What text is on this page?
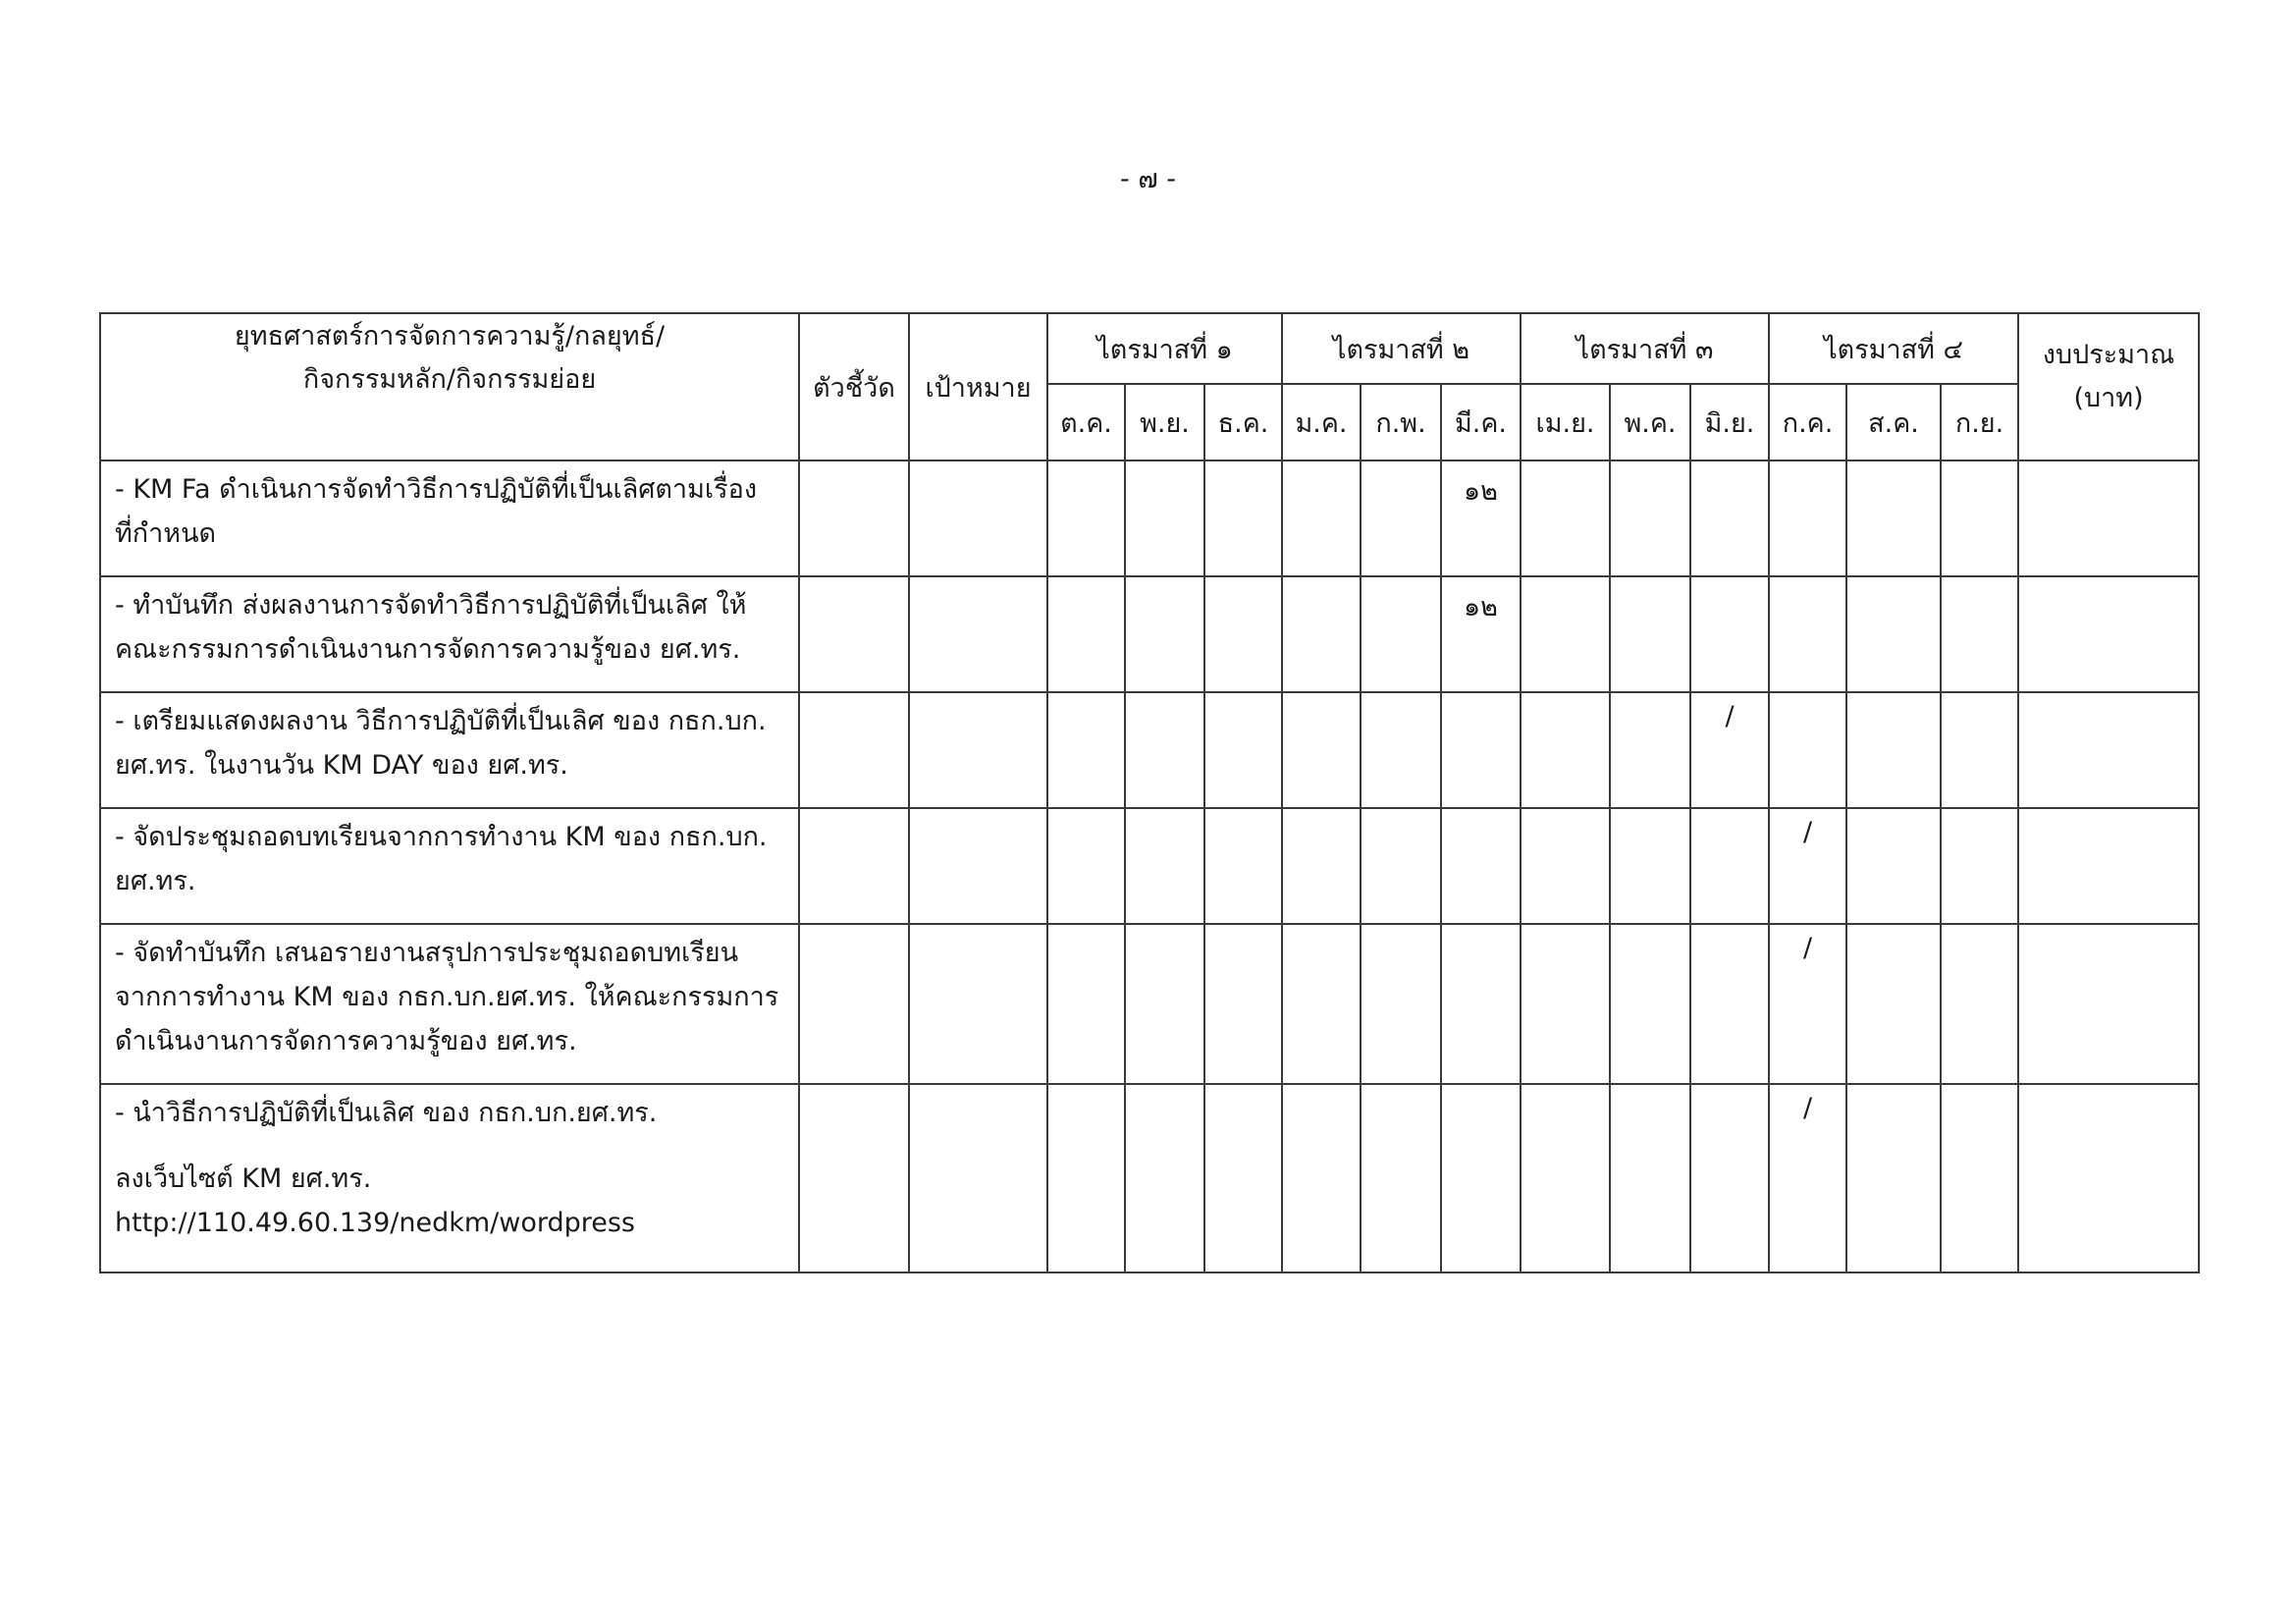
- ๗ -
ยุทธศาสตร์การจัดการความรู้/กลยุทธ์/
กิจกรรมหลัก/กิจกรรมย่อย	ตัวชี้วัด	เป้าหมาย	ไตรมาสที่ ๑			ไตรมาสที่ ๒			ไตรมาสที่ ๓			ไตรมาสที่ ๔			งบประมาณ
(บาท)
			ต.ค.	พ.ย.	ธ.ค.	ม.ค.	ก.พ.	มี.ค.	เม.ย.	พ.ค.	มิ.ย.	ก.ค.	ส.ค.	ก.ย.	

- KM Fa ดำเนินการจัดทำวิธีการปฏิบัติที่เป็นเลิศตามเรื่อง
ที่กำหนด								๑๒							

- ทำบันทึก ส่งผลงานการจัดทำวิธีการปฏิบัติที่เป็นเลิศ ให้
คณะกรรมการดำเนินงานการจัดการความรู้ของ ยศ.ทร.								๑๒							

- เตรียมแสดงผลงาน วิธีการปฏิบัติที่เป็นเลิศ ของ กธก.บก.
ยศ.ทร. ในงานวัน KM DAY ของ ยศ.ทร.											/				

- จัดประชุมถอดบทเรียนจากการทำงาน KM ของ กธก.บก.
ยศ.ทร.												/			

- จัดทำบันทึก เสนอรายงานสรุปการประชุมถอดบทเรียน
จากการทำงาน KM ของ กธก.บก.ยศ.ทร. ให้คณะกรรมการ
ดำเนินงานการจัดการความรู้ของ ยศ.ทร.												/			

- นำวิธีการปฏิบัติที่เป็นเลิศ ของ กธก.บก.ยศ.ทร.
ลงเว็บไซต์ KM ยศ.ทร.
http://110.49.60.139/nedkm/wordpress												/			
